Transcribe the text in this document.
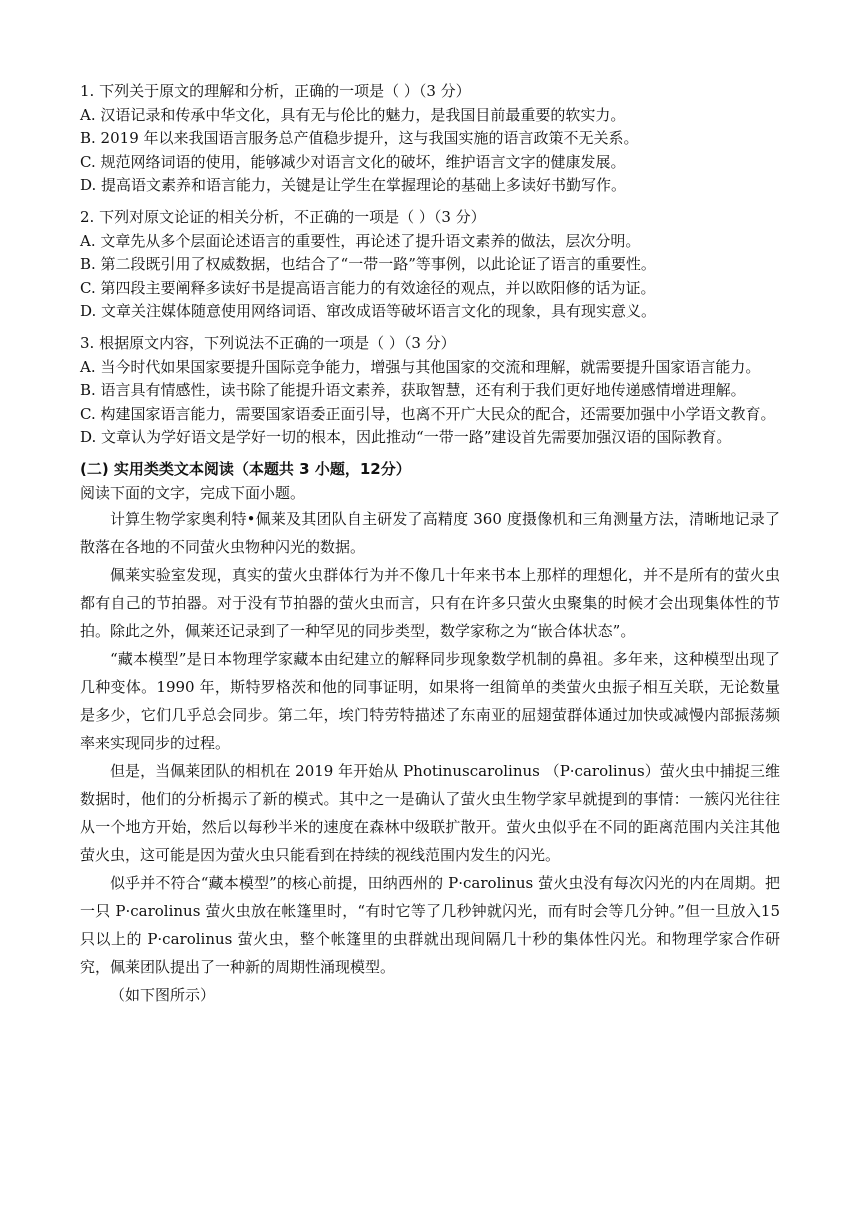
1. 下列关于原文的理解和分析，正确的一项是（ ）（3 分）

A. 汉语记录和传承中华文化，具有无与伦比的魅力，是我国目前最重要的软实力。

B. 2019 年以来我国语言服务总产值稳步提升，这与我国实施的语言政策不无关系。

C. 规范网络词语的使用，能够减少对语言文化的破坏，维护语言文字的健康发展。

D. 提高语文素养和语言能力，关键是让学生在掌握理论的基础上多读好书勤写作。

2. 下列对原文论证的相关分析，不正确的一项是（ ）（3 分）

A. 文章先从多个层面论述语言的重要性，再论述了提升语文素养的做法，层次分明。

B. 第二段既引用了权威数据，也结合了“一带一路”等事例，以此论证了语言的重要性。

C. 第四段主要阐释多读好书是提高语言能力的有效途径的观点，并以欧阳修的话为证。

D. 文章关注媒体随意使用网络词语、窜改成语等破坏语言文化的现象，具有现实意义。

3. 根据原文内容，下列说法不正确的一项是（ ）（3 分）

A. 当今时代如果国家要提升国际竞争能力，增强与其他国家的交流和理解，就需要提升国家语言能力。

B. 语言具有情感性，读书除了能提升语文素养，获取智慧，还有利于我们更好地传递感情增进理解。

C. 构建国家语言能力，需要国家语委正面引导，也离不开广大民众的配合，还需要加强中小学语文教育。

D. 文章认为学好语文是学好一切的根本，因此推动“一带一路”建设首先需要加强汉语的国际教育。

(二) 实用类类文本阅读（本题共 3 小题，12分）
阅读下面的文字，完成下面小题。

计算生物学家奥利特•佩莱及其团队自主研发了高精度 360 度摄像机和三角测量方法，清晰地记录了散落在各地的不同萤火虫物种闪光的数据。

佩莱实验室发现，真实的萤火虫群体行为并不像几十年来书本上那样的理想化，并不是所有的萤火虫都有自己的节拍器。对于没有节拍器的萤火虫而言，只有在许多只萤火虫聚集的时候才会出现集体性的节拍。除此之外，佩莱还记录到了一种罕见的同步类型，数学家称之为“嵌合体状态”。

“藏本模型”是日本物理学家藏本由纪建立的解释同步现象数学机制的鼻祖。多年来，这种模型出现了几种变体。1990 年，斯特罗格茨和他的同事证明，如果将一组简单的类萤火虫振子相互关联，无论数量是多少，它们几乎总会同步。第二年，埃门特劳特描述了东南亚的屈翅萤群体通过加快或减慢内部振荡频率来实现同步的过程。

但是，当佩莱团队的相机在 2019 年开始从 Photinuscarolinus （P·carolinus）萤火虫中捕捉三维数据时，他们的分析揭示了新的模式。其中之一是确认了萤火虫生物学家早就提到的事情：一簇闪光往往从一个地方开始，然后以每秒半米的速度在森林中级联扩散开。萤火虫似乎在不同的距离范围内关注其他萤火虫，这可能是因为萤火虫只能看到在持续的视线范围内发生的闪光。

似乎并不符合“藏本模型”的核心前提，田纳西州的 P·carolinus 萤火虫没有每次闪光的内在周期。把一只 P·carolinus 萤火虫放在帐篷里时，“有时它等了几秒钟就闪光，而有时会等几分钟。”但一旦放入15 只以上的 P·carolinus 萤火虫，整个帐篷里的虫群就出现间隔几十秒的集体性闪光。和物理学家合作研究，佩莱团队提出了一种新的周期性涌现模型。

（如下图所示）
